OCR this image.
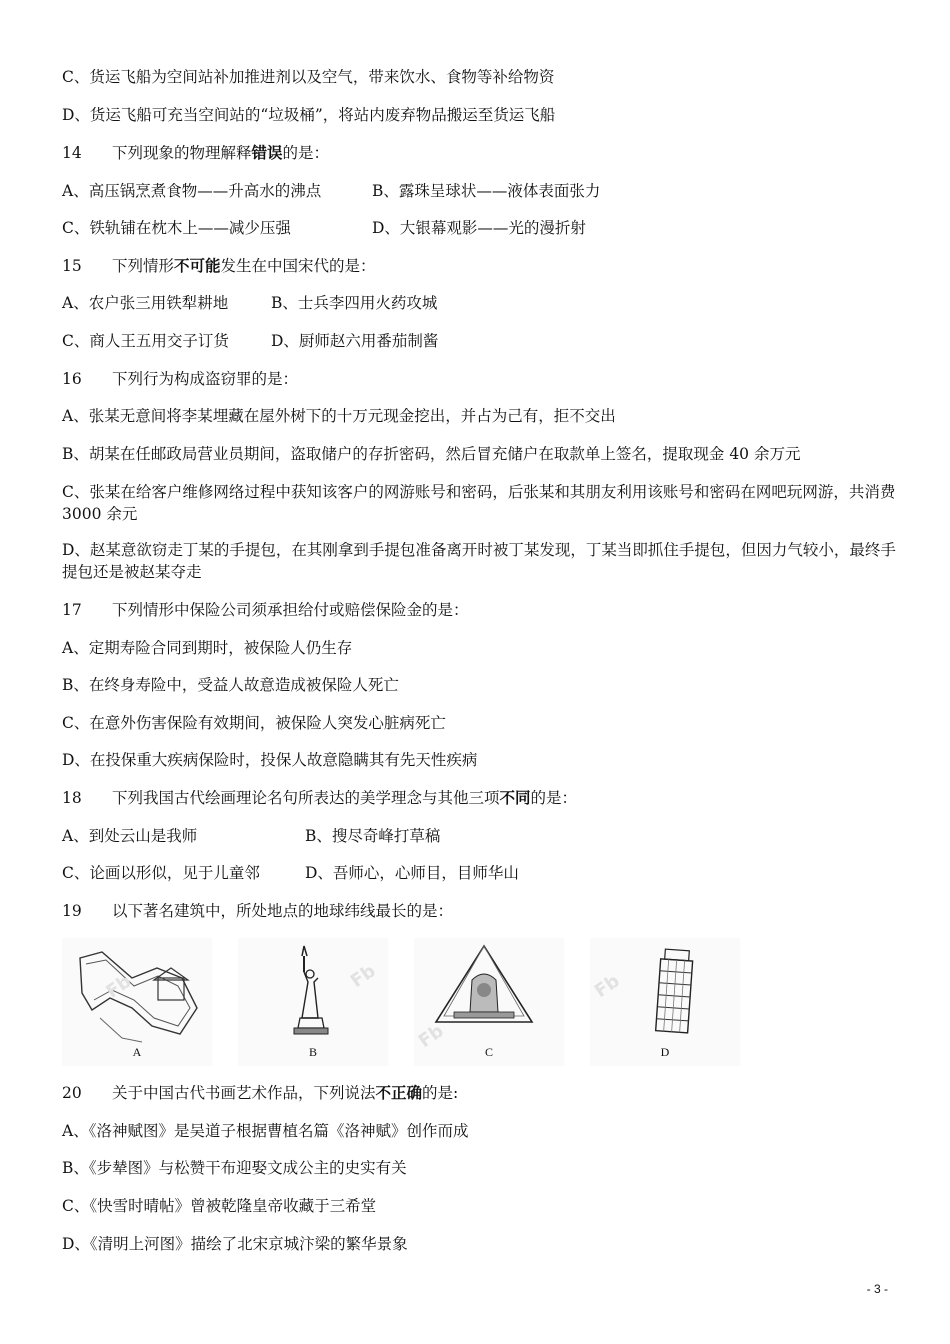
C、货运飞船为空间站补加推进剂以及空气，带来饮水、食物等补给物资
D、货运飞船可充当空间站的“垃圾桶”，将站内废弃物品搬运至货运飞船
14 下列现象的物理解释错误的是：
A、高压锅烹煮食物——升高水的沸点	B、露珠呈球状——液体表面张力
C、铁轨铺在枕木上——减少压强	D、大银幕观影——光的漫折射
15 下列情形不可能发生在中国宋代的是：
A、农户张三用铁犁耕地	B、士兵李四用火药攻城
C、商人王五用交子订货	D、厨师赵六用番茄制酱
16 下列行为构成盗窃罪的是：
A、张某无意间将李某埋藏在屋外树下的十万元现金挖出，并占为己有，拒不交出
B、胡某在任邮政局营业员期间，盗取储户的存折密码，然后冒充储户在取款单上签名，提取现金 40 余万元
C、张某在给客户维修网络过程中获知该客户的网游账号和密码，后张某和其朋友利用该账号和密码在网吧玩网游，共消费 3000 余元
D、赵某意欲窃走丁某的手提包，在其刚拿到手提包准备离开时被丁某发现，丁某当即抓住手提包，但因力气较小，最终手提包还是被赵某夺走
17 下列情形中保险公司须承担给付或赔偿保险金的是：
A、定期寿险合同到期时，被保险人仍生存
B、在终身寿险中，受益人故意造成被保险人死亡
C、在意外伤害保险有效期间，被保险人突发心脏病死亡
D、在投保重大疾病保险时，投保人故意隐瞒其有先天性疾病
18 下列我国古代绘画理论名句所表达的美学理念与其他三项不同的是：
A、到处云山是我师	B、搜尽奇峰打草稿
C、论画以形似，见于儿童邻	D、吾师心，心师目，目师华山
19 以下著名建筑中，所处地点的地球纬线最长的是：
Fb
A
Fb
B	Fb	C
Fb
D
20 关于中国古代书画艺术作品，下列说法不正确的是:
A、《洛神赋图》是吴道子根据曹植名篇《洛神赋》创作而成
B、《步辇图》与松赞干布迎娶文成公主的史实有关
C、《快雪时晴帖》曾被乾隆皇帝收藏于三希堂
D、《清明上河图》描绘了北宋京城汴梁的繁华景象
- 3 -
